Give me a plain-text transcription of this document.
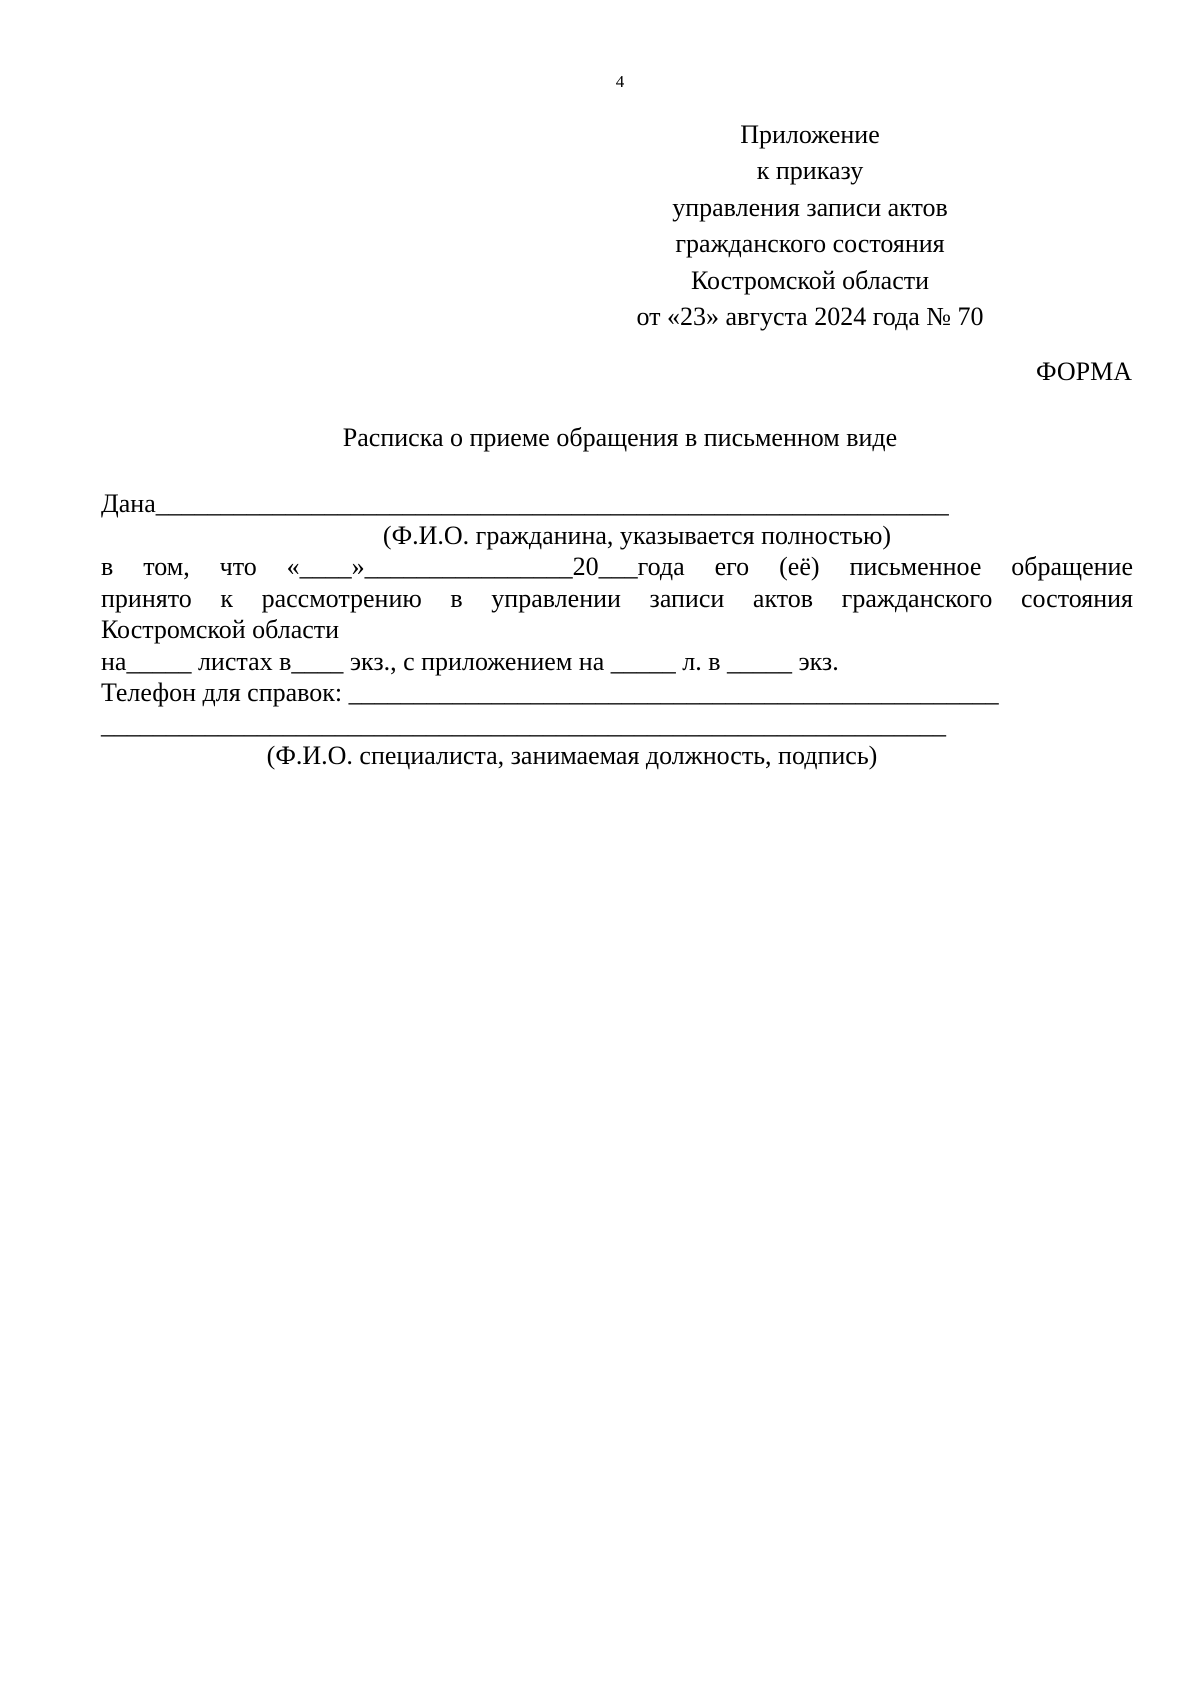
4
Приложение
к приказу
управления записи актов
гражданского состояния
Костромской области
от «23» августа 2024 года № 70
ФОРМА
Расписка о приеме обращения в письменном виде
Дана_____________________________________________________________
(Ф.И.О. гражданина, указывается полностью)
в том, что «____»________________20___года его (её) письменное обращение
принято к рассмотрению в управлении записи актов гражданского состояния
Костромской области
на_____ листах в____ экз., с приложением на _____ л. в _____ экз.
Телефон для справок: __________________________________________________
_________________________________________________________________
(Ф.И.О. специалиста, занимаемая должность, подпись)
